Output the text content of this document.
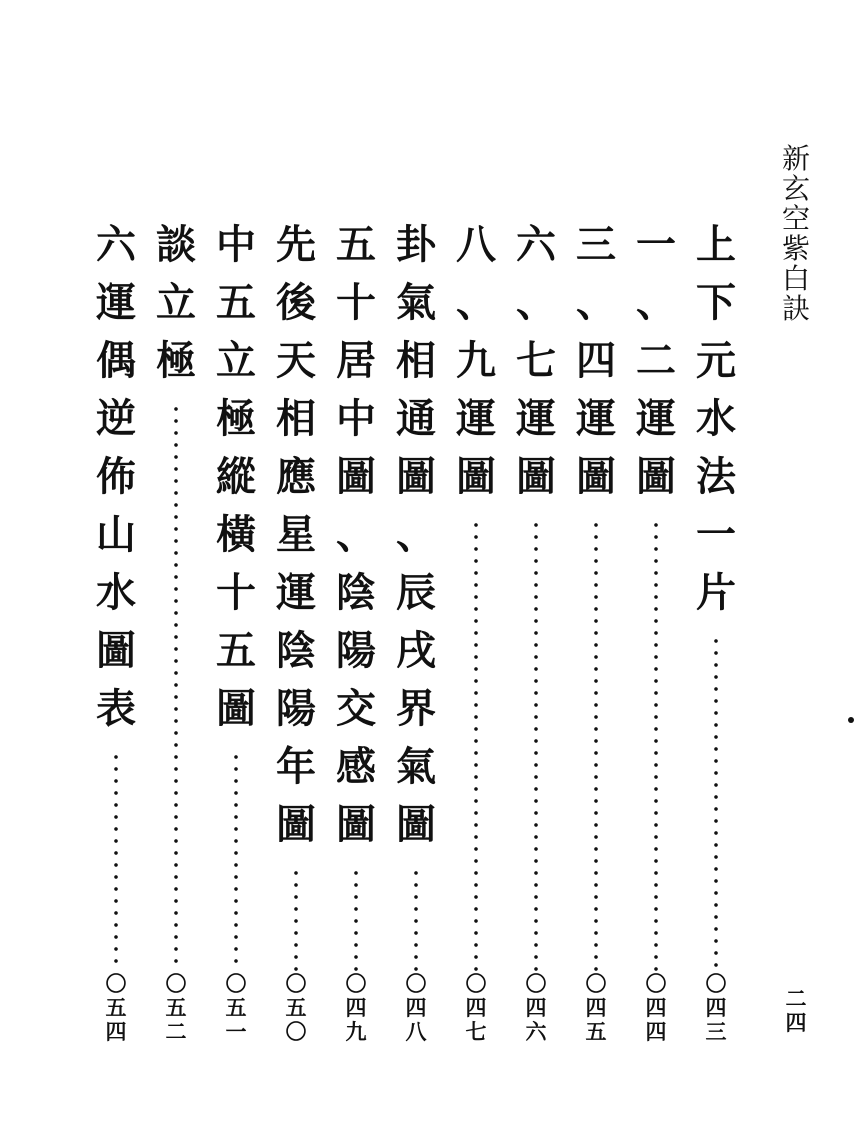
新
玄
空
紫
白
訣
二
四
上
下
元
水
法
一
片
〇
四
三
一
、
二
運
圖
〇
四
四
三
、
四
運
圖
〇
四
五
六
、
七
運
圖
〇
四
六
八
、
九
運
圖
〇
四
七
卦
氣
相
通
圖
、
辰
戌
界
氣
圖
〇
四
八
五
十
居
中
圖
、
陰
陽
交
感
圖
〇
四
九
先
後
天
相
應
星
運
陰
陽
年
圖
〇
五
〇
中
五
立
極
縱
橫
十
五
圖
〇
五
一
談
立
極
〇
五
二
六
運
偶
逆
佈
山
水
圖
表
〇
五
四
